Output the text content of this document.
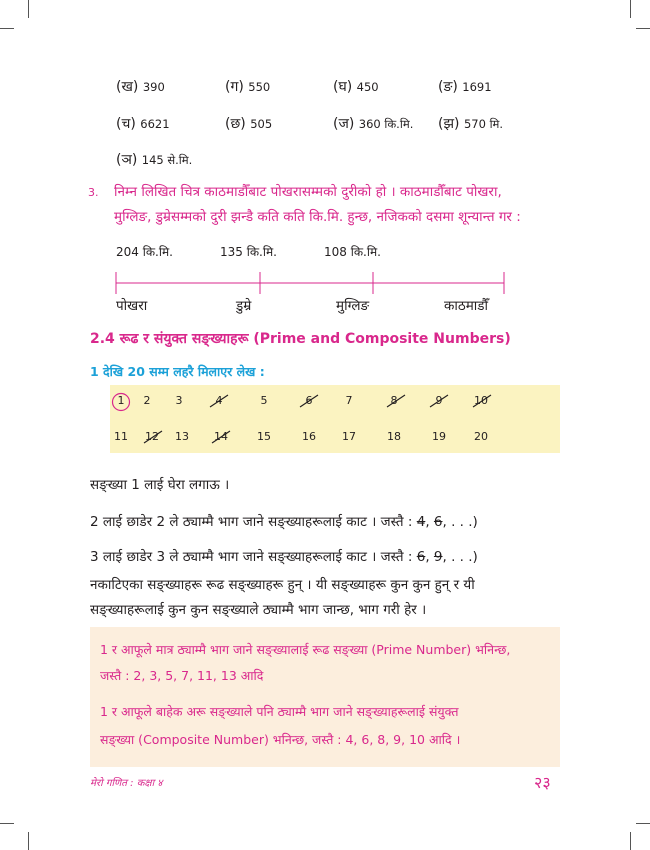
(ख) 390	(ग) 550	(घ) 450	(ङ) 1691
(च) 6621	(छ) 505	(ज) 360 कि.मि. (झ) 570 मि.
(ञ) 145 से.मि.
3. निम्न लिखित चित्र काठमाडौँबाट पोखरासम्मको दुरीको हो । काठमाडौँबाट पोखरा,
मुग्लिङ, डुम्रेसम्मको दुरी झन्डै कति कति कि.मि. हुन्छ, नजिकको दसमा शून्यान्त गर :
204 कि.मि.	135 कि.मि.	108 कि.मि.
पोखरा	डुम्रे	मुग्लिङ	काठमाडौँ
2.4 रूढ र संयुक्त सङ्ख्याहरू (Prime and Composite Numbers)
1 देखि 20 सम्म लहरै मिलाएर लेख :
1	2	3	4	5	6	7	8	9	10
11 12 13 14	15	16 17	18	19	20
सङ्ख्या 1 लाई घेरा लगाऊ ।
2 लाई छाडेर 2 ले ठ्याम्मै भाग जाने सङ्ख्याहरूलाई काट । जस्तै : 4, 6, . . .)
3 लाई छाडेर 3 ले ठ्याम्मै भाग जाने सङ्ख्याहरूलाई काट । जस्तै : 6, 9, . . .)
नकाटिएका सङ्ख्याहरू रूढ सङ्ख्याहरू हुन् । यी सङ्ख्याहरू कुन कुन हुन् र यी
सङ्ख्याहरूलाई कुन कुन सङ्ख्याले ठ्याम्मै भाग जान्छ, भाग गरी हेर ।
1 र आफूले मात्र ठ्याम्मै भाग जाने सङ्ख्यालाई रूढ सङ्ख्या (Prime Number) भनिन्छ,
जस्तै : 2, 3, 5, 7, 11, 13 आदि
1 र आफूले बाहेक अरू सङ्ख्याले पनि ठ्याम्मै भाग जाने सङ्ख्याहरूलाई संयुक्त
सङ्ख्या (Composite Number) भनिन्छ, जस्तै : 4, 6, 8, 9, 10 आदि ।
मेरो गणित : कक्षा ४	२३
